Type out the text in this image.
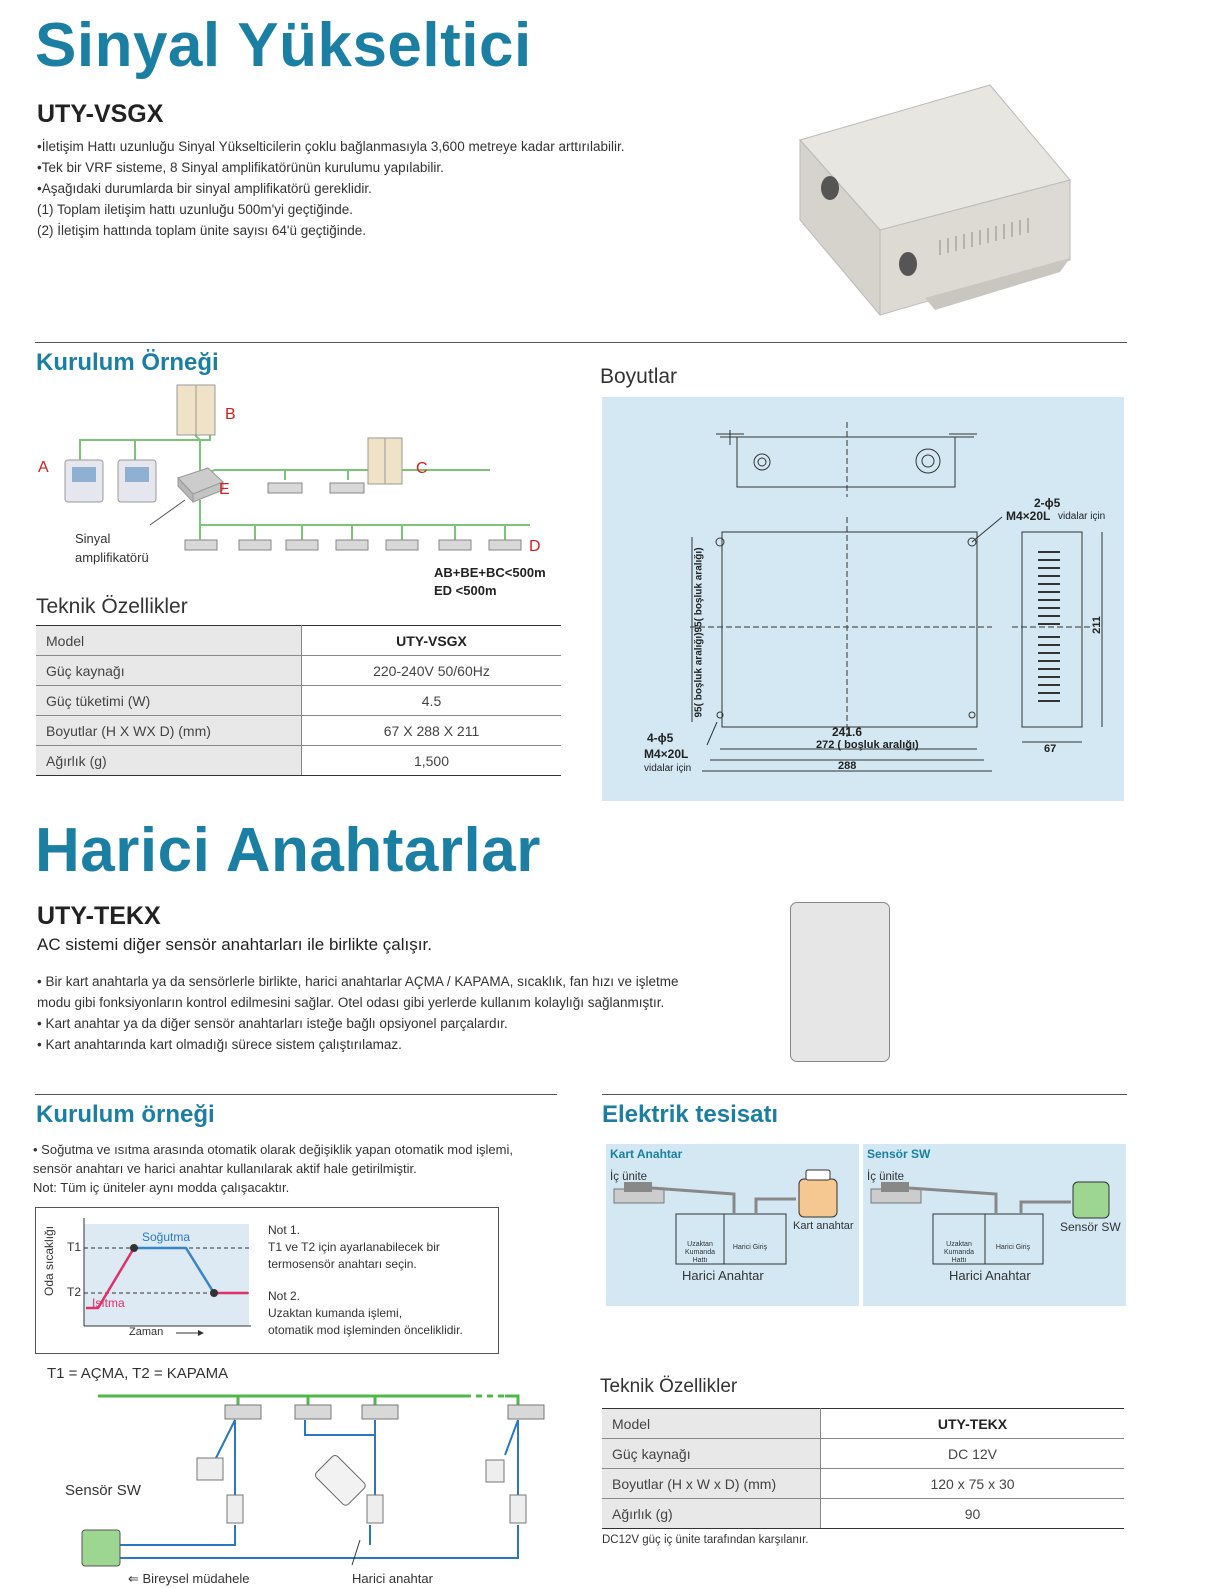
Sinyal Yükseltici
UTY-VSGX
•İletişim Hattı uzunluğu Sinyal Yükselticilerin çoklu bağlanmasıyla 3,600 metreye kadar arttırılabilir.
•Tek bir VRF sisteme, 8 Sinyal amplifikatörünün kurulumu yapılabilir.
•Aşağıdaki durumlarda bir sinyal amplifikatörü gereklidir.
(1) Toplam iletişim hattı uzunluğu 500m'yi geçtiğinde.
(2) İletişim hattında toplam ünite sayısı 64'ü geçtiğinde.
Kurulum Örneği
A
B
C
D
E
Sinyal
amplifikatörü
AB+BE+BC<500m
ED <500m
Teknik Özellikler
Model	UTY-VSGX
Güç kaynağı	220-240V 50/60Hz
Güç tüketimi (W)	4.5
Boyutlar (H X WX D) (mm)	67 X 288 X 211
Ağırlık (g)	1,500
Boyutlar
2-ϕ5
M4×20L vidalar için
4-ϕ5
M4×20L
vidalar için
241.6
272 ( boşluk aralığı)
288
95( boşluk aralığı)
95( boşluk aralığı)
211
67
Harici Anahtarlar
UTY-TEKX
AC sistemi diğer sensör anahtarları ile birlikte çalışır.
• Bir kart anahtarla ya da sensörlerle birlikte, harici anahtarlar AÇMA / KAPAMA, sıcaklık, fan hızı ve işletme
modu gibi fonksiyonların kontrol edilmesini sağlar. Otel odası gibi yerlerde kullanım kolaylığı sağlanmıştır.
• Kart anahtar ya da diğer sensör anahtarları isteğe bağlı opsiyonel parçalardır.
• Kart anahtarında kart olmadığı sürece sistem çalıştırılamaz.
Kurulum örneği
• Soğutma ve ısıtma arasında otomatik olarak değişiklik yapan otomatik mod işlemi,
sensör anahtarı ve harici anahtar kullanılarak aktif hale getirilmiştir.
Not: Tüm iç üniteler aynı modda çalışacaktır.
Oda sıcaklığı T1
T2
Soğutma
Isıtma
Zaman
Not 1.
T1 ve T2 için ayarlanabilecek bir
termosensör anahtarı seçin.
Not 2.
Uzaktan kumanda işlemi,
otomatik mod işleminden önceliklidir.
T1 = AÇMA, T2 = KAPAMA
Sensör SW
⇐ Bireysel müdahele	Harici anahtar
Elektrik tesisatı
Kart Anahtar
İç ünite
Uzaktan Kumanda Hattı
Harici Giriş
Kart anahtar
Harici Anahtar
Sensör SW
İç ünite
Uzaktan Kumanda Hattı
Harici Giriş
Sensör SW
Harici Anahtar
Teknik Özellikler
Model	UTY-TEKX
Güç kaynağı	DC 12V
Boyutlar (H x W x D) (mm)	120 x 75 x 30
Ağırlık (g)	90
DC12V güç iç ünite tarafından karşılanır.
